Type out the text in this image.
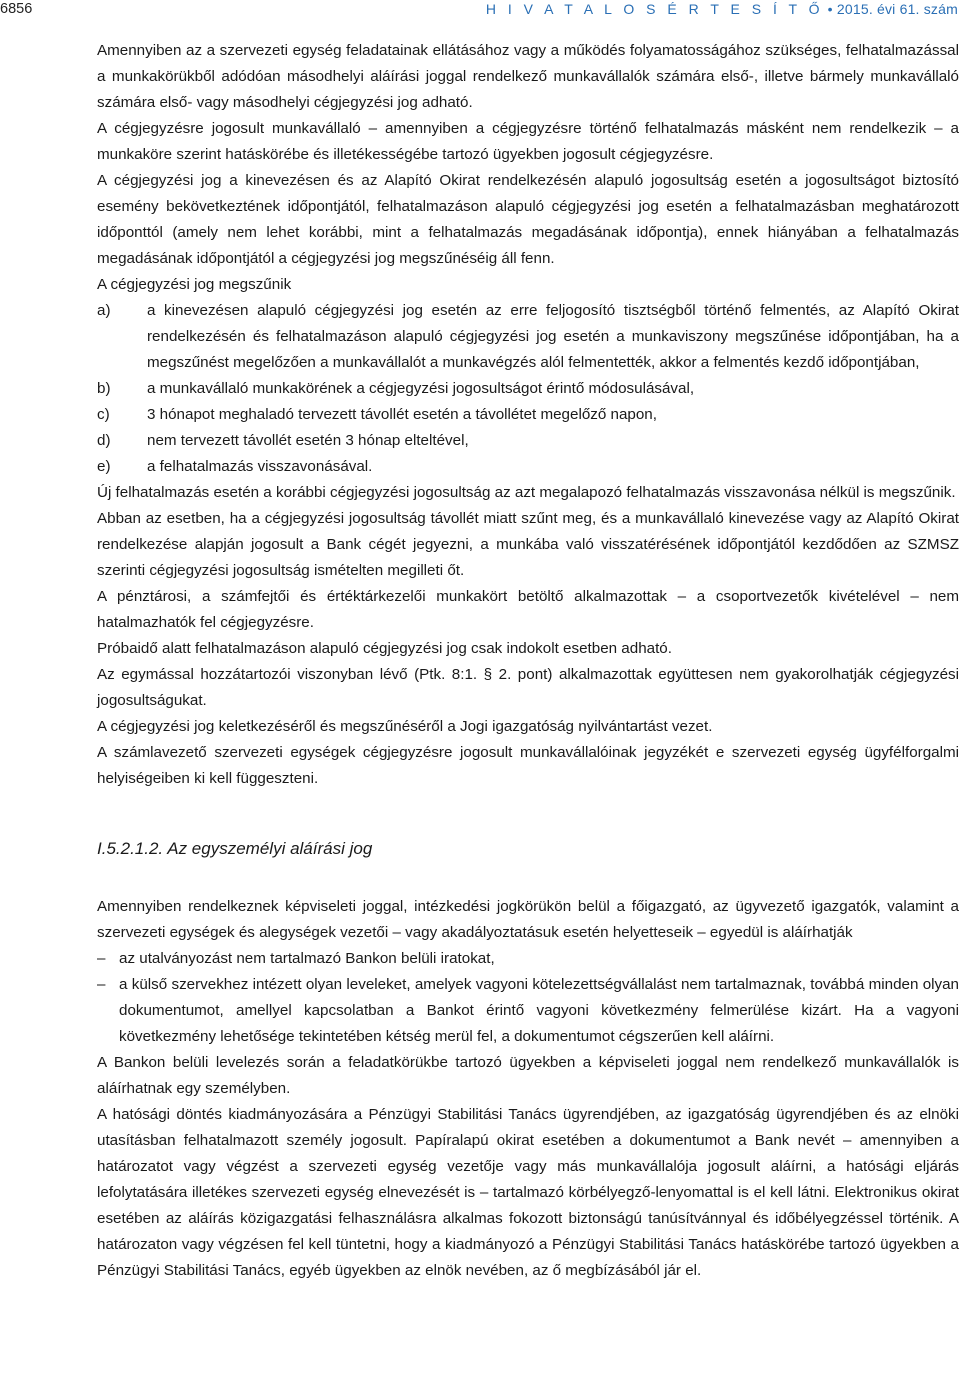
6856	H I V A T A L O S É R T E S Í T Ő • 2015. évi 61. szám

Amennyiben az a szervezeti egység feladatainak ellátásához vagy a működés folyamatosságához szükséges, felhatalmazással a munkakörükből adódóan másodhelyi aláírási joggal rendelkező munkavállalók számára első-, illetve bármely munkavállaló számára első- vagy másodhelyi cégjegyzési jog adható.

A cégjegyzésre jogosult munkavállaló – amennyiben a cégjegyzésre történő felhatalmazás másként nem rendelkezik – a munkaköre szerint hatáskörébe és illetékességébe tartozó ügyekben jogosult cégjegyzésre.

A cégjegyzési jog a kinevezésen és az Alapító Okirat rendelkezésén alapuló jogosultság esetén a jogosultságot biztosító esemény bekövetkeztének időpontjától, felhatalmazáson alapuló cégjegyzési jog esetén a felhatalmazásban meghatározott időponttól (amely nem lehet korábbi, mint a felhatalmazás megadásának időpontja), ennek hiányában a felhatalmazás megadásának időpontjától a cégjegyzési jog megszűnéséig áll fenn.

A cégjegyzési jog megszűnik

a)	a kinevezésen alapuló cégjegyzési jog esetén az erre feljogosító tisztségből történő felmentés, az Alapító Okirat rendelkezésén és felhatalmazáson alapuló cégjegyzési jog esetén a munkaviszony megszűnése időpontjában, ha a megszűnést megelőzően a munkavállalót a munkavégzés alól felmentették, akkor a felmentés kezdő időpontjában,
b)	a munkavállaló munkakörének a cégjegyzési jogosultságot érintő módosulásával,
c)	3 hónapot meghaladó tervezett távollét esetén a távollétet megelőző napon,
d)	nem tervezett távollét esetén 3 hónap elteltével,
e)	a felhatalmazás visszavonásával.

Új felhatalmazás esetén a korábbi cégjegyzési jogosultság az azt megalapozó felhatalmazás visszavonása nélkül is megszűnik.

Abban az esetben, ha a cégjegyzési jogosultság távollét miatt szűnt meg, és a munkavállaló kinevezése vagy az Alapító Okirat rendelkezése alapján jogosult a Bank cégét jegyezni, a munkába való visszatérésének időpontjától kezdődően az SZMSZ szerinti cégjegyzési jogosultság ismételten megilleti őt.

A pénztárosi, a számfejtői és értéktárkezelői munkakört betöltő alkalmazottak – a csoportvezetők kivételével – nem hatalmazhatók fel cégjegyzésre.

Próbaidő alatt felhatalmazáson alapuló cégjegyzési jog csak indokolt esetben adható.

Az egymással hozzátartozói viszonyban lévő (Ptk. 8:1. § 2. pont) alkalmazottak együttesen nem gyakorolhatják cégjegyzési jogosultságukat.

A cégjegyzési jog keletkezéséről és megszűnéséről a Jogi igazgatóság nyilvántartást vezet.

A számlavezető szervezeti egységek cégjegyzésre jogosult munkavállalóinak jegyzékét e szervezeti egység ügyfélforgalmi helyiségeiben ki kell függeszteni.

I.5.2.1.2. Az egyszemélyi aláírási jog

Amennyiben rendelkeznek képviseleti joggal, intézkedési jogkörükön belül a főigazgató, az ügyvezető igazgatók, valamint a szervezeti egységek és alegységek vezetői – vagy akadályoztatásuk esetén helyetteseik – egyedül is aláírhatják

– az utalványozást nem tartalmazó Bankon belüli iratokat,
– a külső szervekhez intézett olyan leveleket, amelyek vagyoni kötelezettségvállalást nem tartalmaznak, továbbá minden olyan dokumentumot, amellyel kapcsolatban a Bankot érintő vagyoni következmény felmerülése kizárt. Ha a vagyoni következmény lehetősége tekintetében kétség merül fel, a dokumentumot cégszerűen kell aláírni.

A Bankon belüli levelezés során a feladatkörükbe tartozó ügyekben a képviseleti joggal nem rendelkező munkavállalók is aláírhatnak egy személyben.

A hatósági döntés kiadmányozására a Pénzügyi Stabilitási Tanács ügyrendjében, az igazgatóság ügyrendjében és az elnöki utasításban felhatalmazott személy jogosult. Papíralapú okirat esetében a dokumentumot a Bank nevét – amennyiben a határozatot vagy végzést a szervezeti egység vezetője vagy más munkavállalója jogosult aláírni, a hatósági eljárás lefolytatására illetékes szervezeti egység elnevezését is – tartalmazó körbélyegző-lenyomattal is el kell látni. Elektronikus okirat esetében az aláírás közigazgatási felhasználásra alkalmas fokozott biztonságú tanúsítvánnyal és időbélyegzéssel történik. A határozaton vagy végzésen fel kell tüntetni, hogy a kiadmányozó a Pénzügyi Stabilitási Tanács hatáskörébe tartozó ügyekben a Pénzügyi Stabilitási Tanács, egyéb ügyekben az elnök nevében, az ő megbízásából jár el.
